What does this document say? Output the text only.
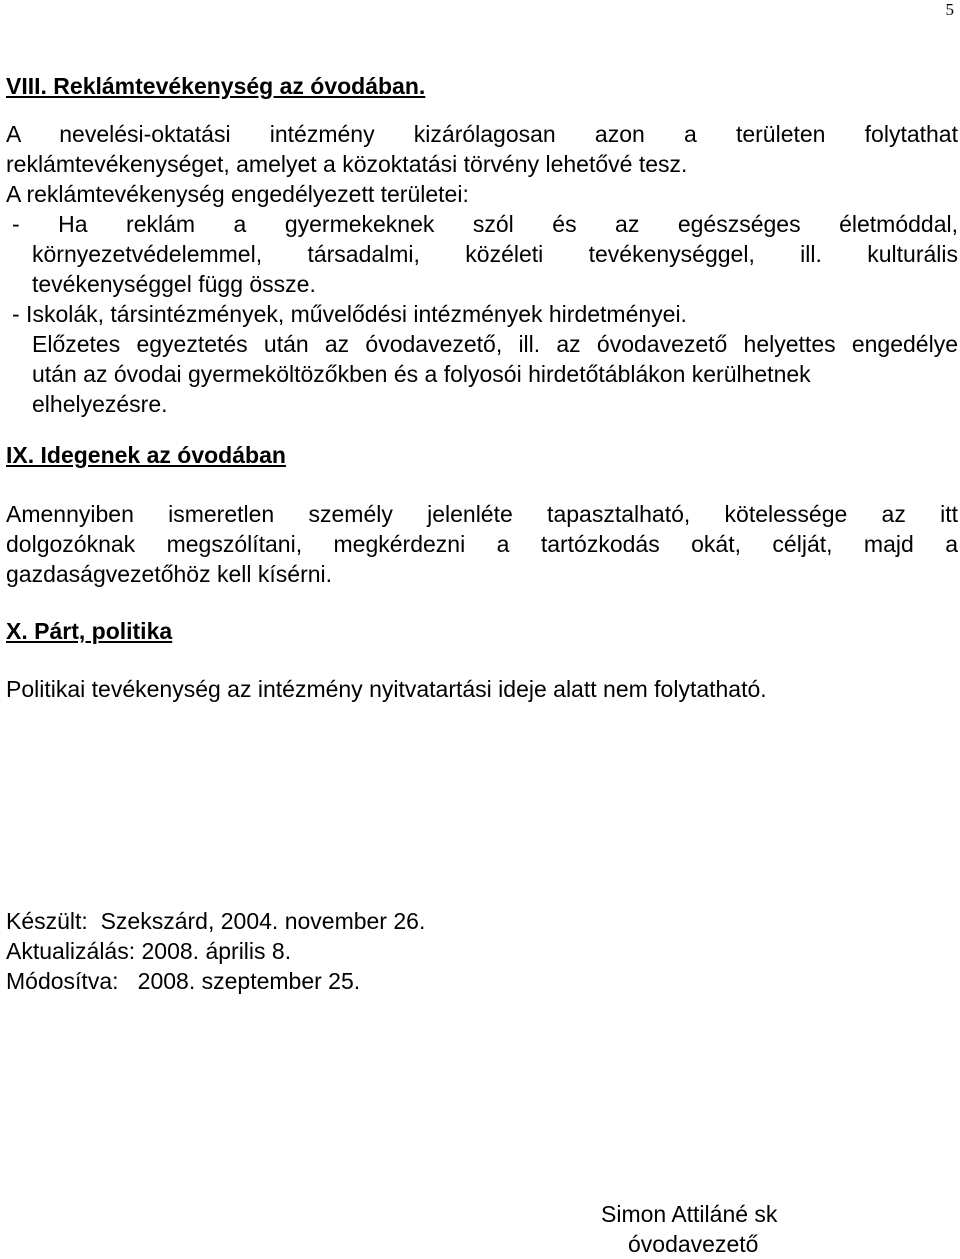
5
VIII. Reklámtevékenység az óvodában.
A nevelési-oktatási intézmény kizárólagosan azon a területen folytathat
reklámtevékenységet, amelyet a közoktatási törvény lehetővé tesz.
A reklámtevékenység engedélyezett területei:
- Ha reklám a gyermekeknek szól és az egészséges életmóddal,
környezetvédelemmel, társadalmi, közéleti tevékenységgel, ill. kulturális
tevékenységgel függ össze.
- Iskolák, társintézmények, művelődési intézmények hirdetményei.
Előzetes egyeztetés után az óvodavezető, ill. az óvodavezető helyettes engedélye
után az óvodai gyermeköltözőkben és a folyosói hirdetőtáblákon kerülhetnek
elhelyezésre.
IX. Idegenek az óvodában
Amennyiben ismeretlen személy jelenléte tapasztalható, kötelessége az itt
dolgozóknak megszólítani, megkérdezni a tartózkodás okát, célját, majd a
gazdaságvezetőhöz kell kísérni.
X. Párt, politika
Politikai tevékenység az intézmény nyitvatartási ideje alatt nem folytatható.
Készült:  Szekszárd, 2004. november 26.
Aktualizálás: 2008. április 8.
Módosítva:   2008. szeptember 25.
Simon Attiláné sk
óvodavezető
